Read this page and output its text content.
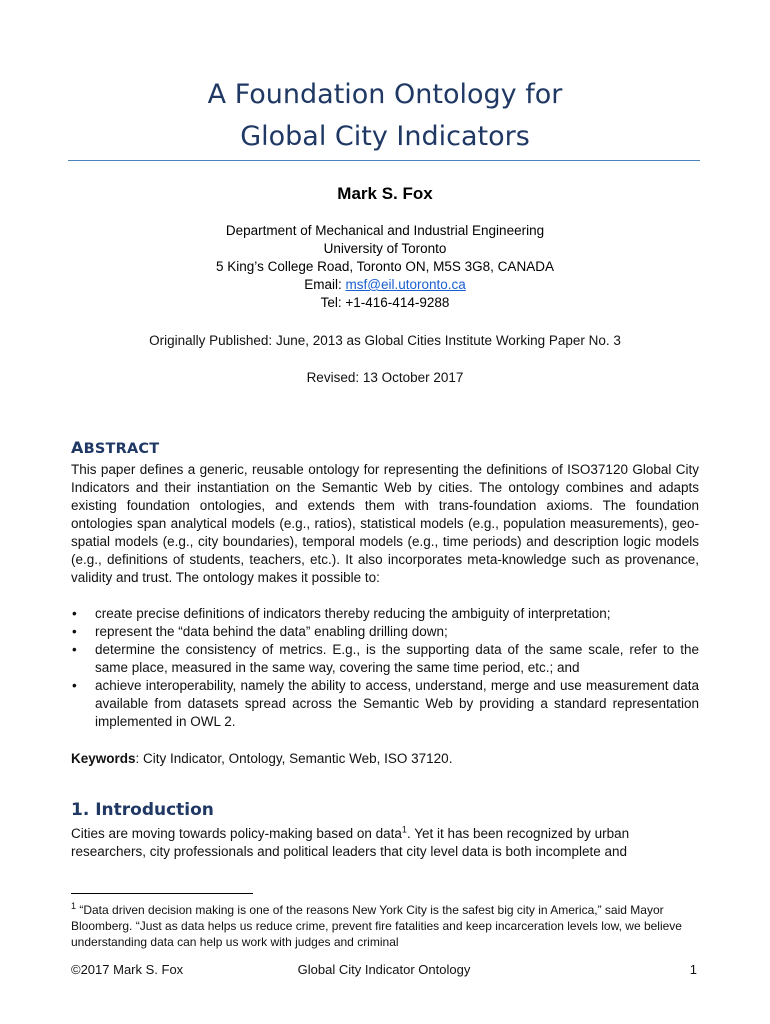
A Foundation Ontology for
Global City Indicators
Mark S. Fox
Department of Mechanical and Industrial Engineering
University of Toronto
5 King’s College Road, Toronto ON, M5S 3G8, CANADA
Email: msf@eil.utoronto.ca
Tel: +1-416-414-9288
Originally Published: June, 2013 as Global Cities Institute Working Paper No. 3
Revised: 13 October 2017
ABSTRACT

This paper defines a generic, reusable ontology for representing the definitions of ISO37120 Global City Indicators and their instantiation on the Semantic Web by cities. The ontology combines and adapts existing foundation ontologies, and extends them with trans-foundation axioms. The foundation ontologies span analytical models (e.g., ratios), statistical models (e.g., population measurements), geo-spatial models (e.g., city boundaries), temporal models (e.g., time periods) and description logic models (e.g., definitions of students, teachers, etc.). It also incorporates meta-knowledge such as provenance, validity and trust. The ontology makes it possible to:

• create precise definitions of indicators thereby reducing the ambiguity of interpretation;
• represent the “data behind the data” enabling drilling down;
• determine the consistency of metrics. E.g., is the supporting data of the same scale, refer to the same place, measured in the same way, covering the same time period, etc.; and
• achieve interoperability, namely the ability to access, understand, merge and use measurement data available from datasets spread across the Semantic Web by providing a standard representation implemented in OWL 2.
Keywords: City Indicator, Ontology, Semantic Web, ISO 37120.
1. Introduction

Cities are moving towards policy-making based on data$^1$. Yet it has been recognized by urban researchers, city professionals and political leaders that city level data is both incomplete and

$^1$ “Data driven decision making is one of the reasons New York City is the safest big city in America,” said Mayor Bloomberg. “Just as data helps us reduce crime, prevent fire fatalities and keep incarceration levels low, we believe understanding data can help us work with judges and criminal

©2017 Mark S. Fox	Global City Indicator Ontology	1
